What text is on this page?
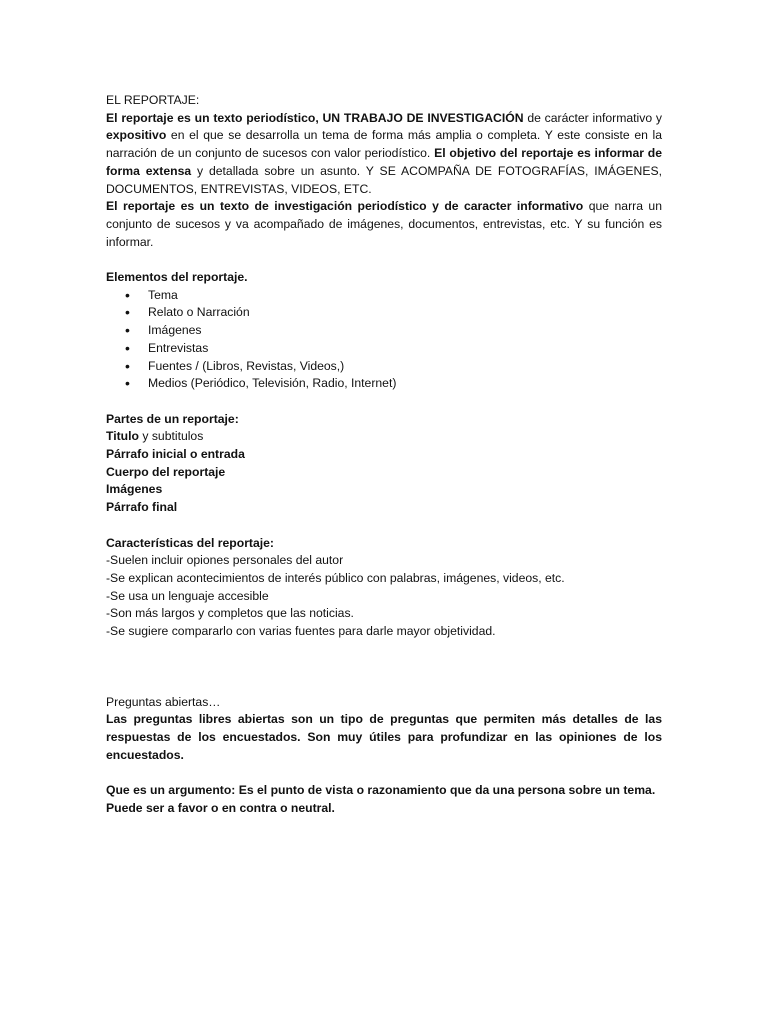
EL REPORTAJE:

El reportaje es un texto periodístico, UN TRABAJO DE INVESTIGACIÓN de carácter informativo y expositivo en el que se desarrolla un tema de forma más amplia o completa. Y este consiste en la narración de un conjunto de sucesos con valor periodístico. El objetivo del reportaje es informar de forma extensa y detallada sobre un asunto. Y SE ACOMPAÑA DE FOTOGRAFÍAS, IMÁGENES, DOCUMENTOS, ENTREVISTAS, VIDEOS, ETC.

El reportaje es un texto de investigación periodístico y de caracter informativo que narra un conjunto de sucesos y va acompañado de imágenes, documentos, entrevistas, etc. Y su función es informar.

Elementos del reportaje.

• Tema
• Relato o Narración
• Imágenes
• Entrevistas
• Fuentes / (Libros, Revistas, Videos,)
• Medios (Periódico, Televisión, Radio, Internet)

Partes de un reportaje:

Titulo y subtitulos

Párrafo inicial o entrada

Cuerpo del reportaje

Imágenes

Párrafo final

Características del reportaje:

-Suelen incluir opiones personales del autor

-Se explican acontecimientos de interés público con palabras, imágenes, videos, etc.

-Se usa un lenguaje accesible

-Son más largos y completos que las noticias.

-Se sugiere compararlo con varias fuentes para darle mayor objetividad.

Preguntas abiertas…

Las preguntas libres abiertas son un tipo de preguntas que permiten más detalles de las respuestas de los encuestados. Son muy útiles para profundizar en las opiniones de los encuestados.

Que es un argumento: Es el punto de vista o razonamiento que da una persona sobre un tema. Puede ser a favor o en contra o neutral.
